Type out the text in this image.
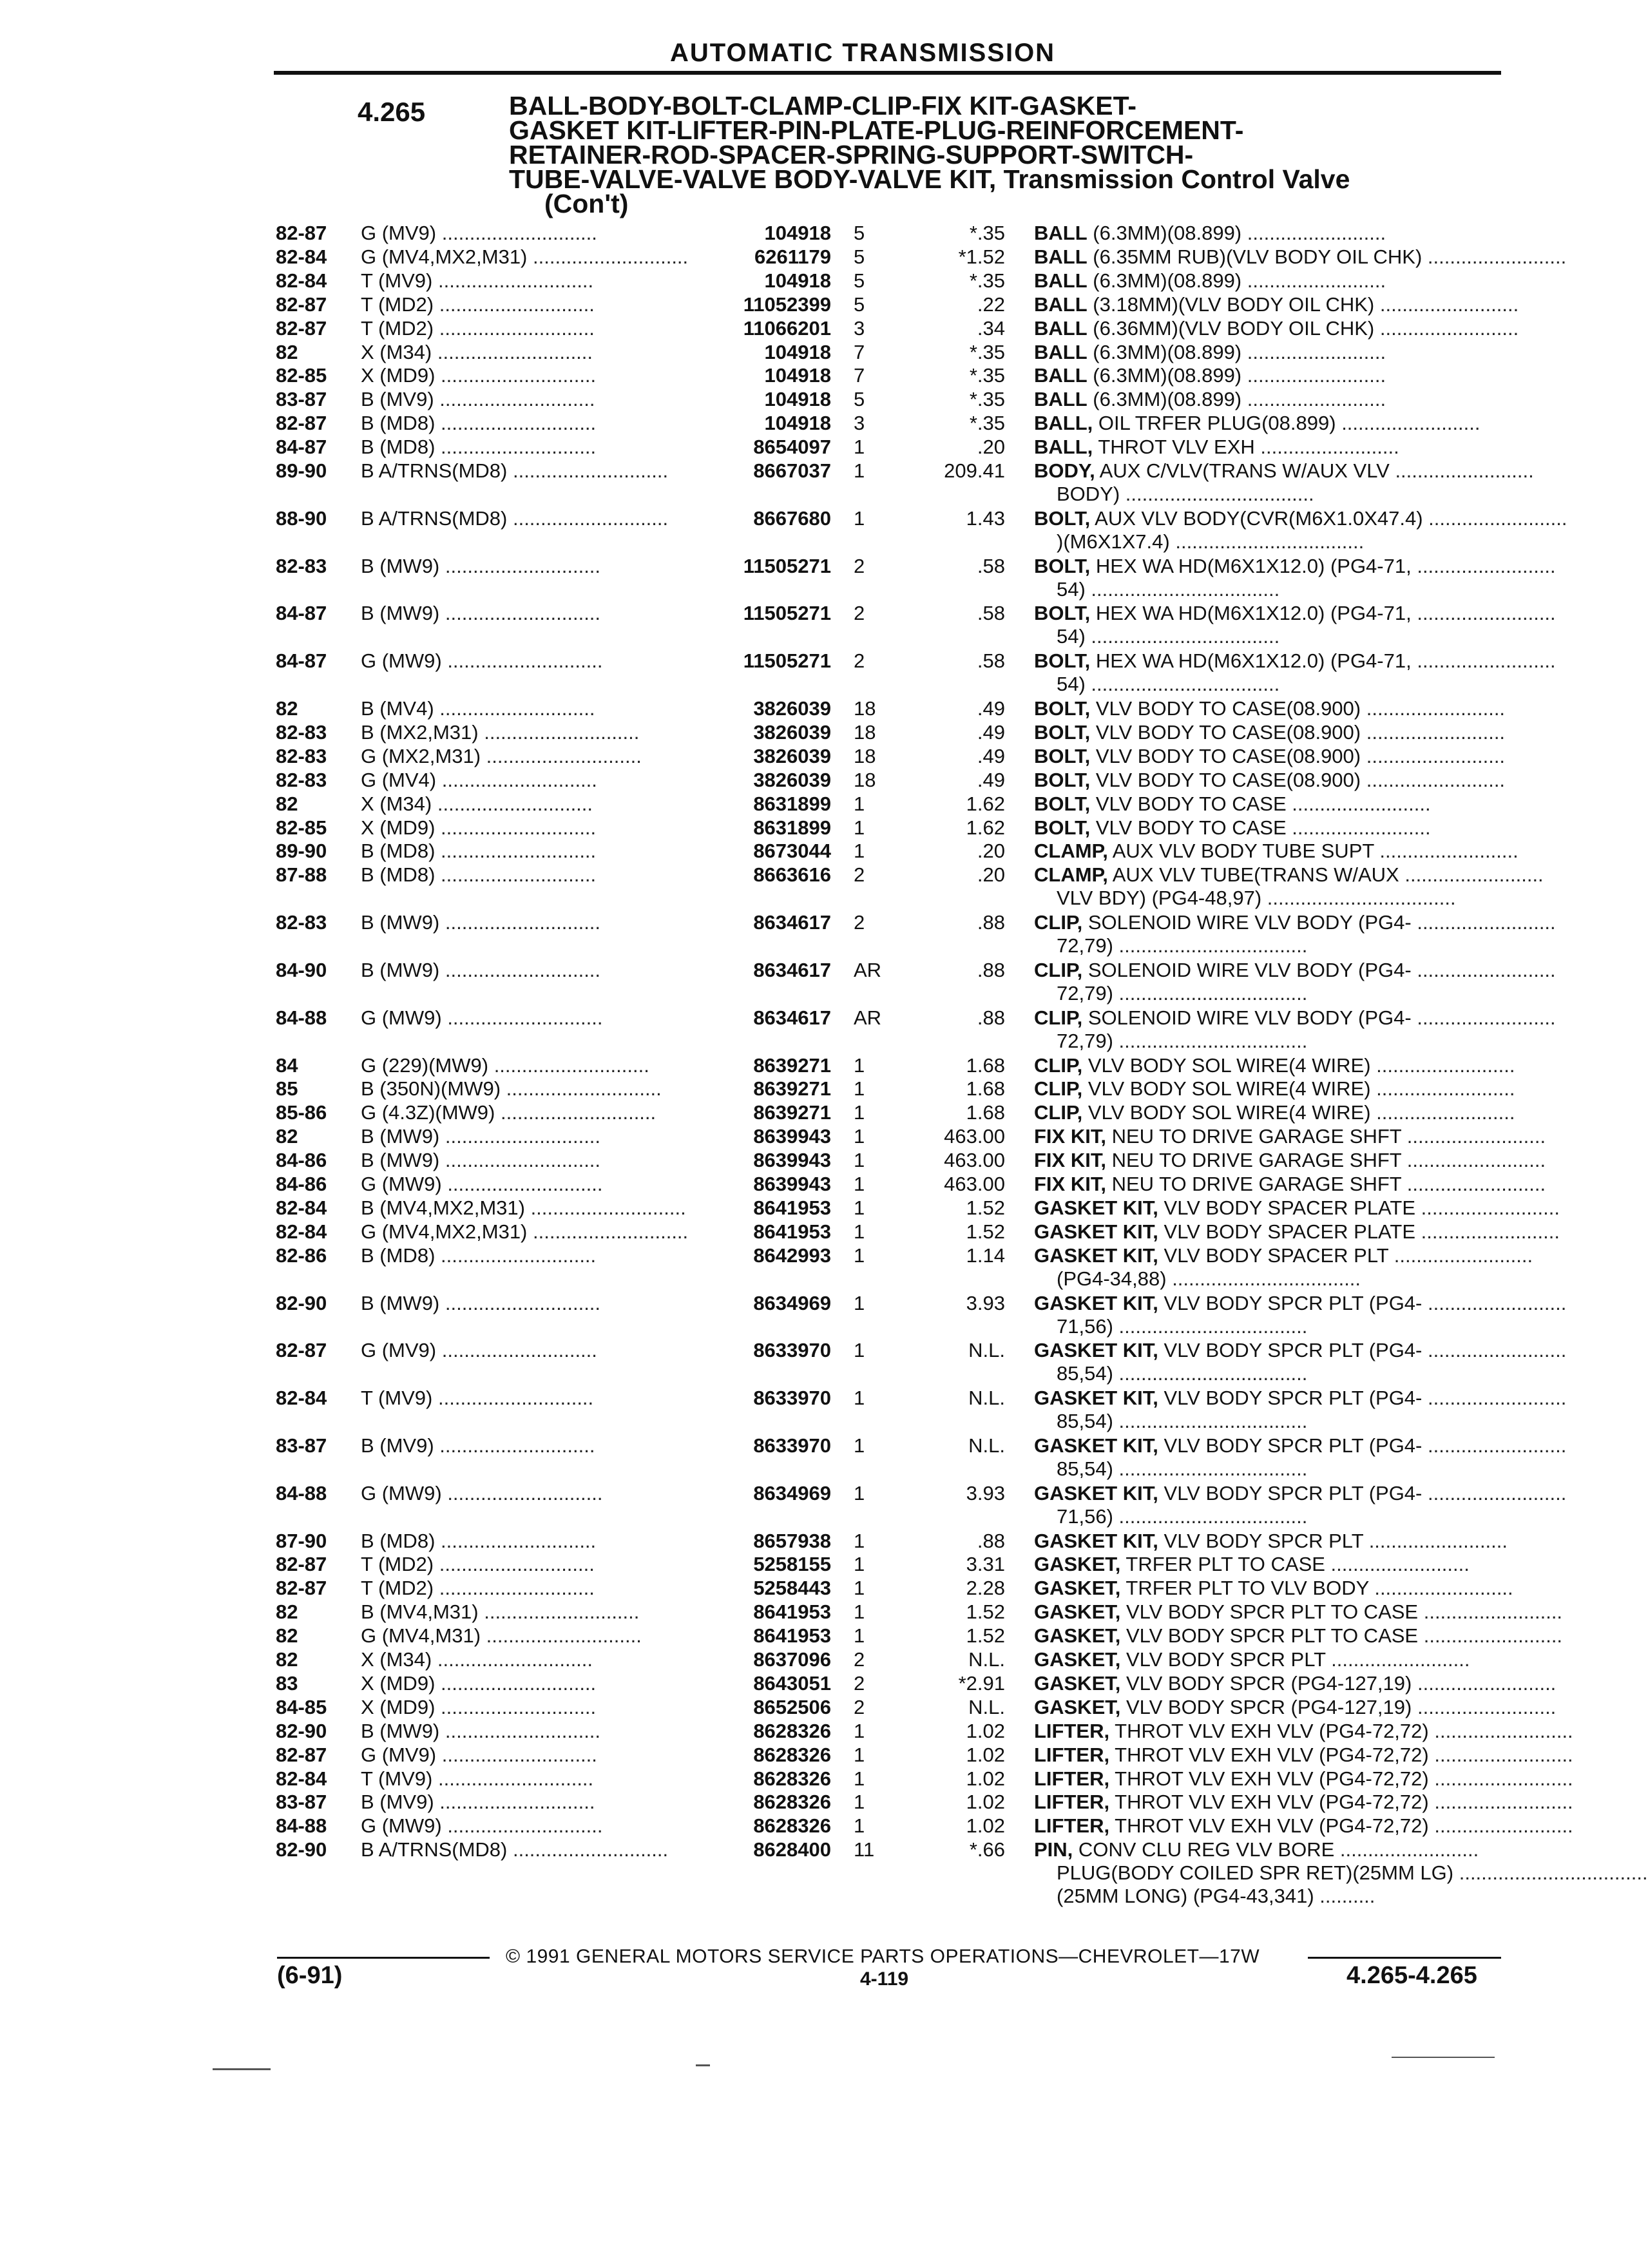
AUTOMATIC TRANSMISSION
4.265	BALL-BODY-BOLT-CLAMP-CLIP-FIX KIT-GASKET-
GASKET KIT-LIFTER-PIN-PLATE-PLUG-REINFORCEMENT-
RETAINER-ROD-SPACER-SPRING-SUPPORT-SWITCH-
TUBE-VALVE-VALVE BODY-VALVE KIT, Transmission Control Valve
(Con't)
82-87 G (MV9) ............................	104918 5	*.35 BALL (6.3MM)(08.899) .........................
82-84 G (MV4,MX2,M31) ............................	6261179 5	*1.52 BALL (6.35MM RUB)(VLV BODY OIL CHK) .........................
82-84 T (MV9) ............................	104918 5	*.35 BALL (6.3MM)(08.899) .........................
82-87 T (MD2) ............................	11052399 5	.22 BALL (3.18MM)(VLV BODY OIL CHK) .........................
82-87 T (MD2) ............................	11066201 3	.34 BALL (6.36MM)(VLV BODY OIL CHK) .........................
82	X (M34) ............................	104918 7	*.35 BALL (6.3MM)(08.899) .........................
82-85 X (MD9) ............................	104918 7	*.35 BALL (6.3MM)(08.899) .........................
83-87 B (MV9) ............................	104918 5	*.35 BALL (6.3MM)(08.899) .........................
82-87 B (MD8) ............................	104918 3	*.35 BALL, OIL TRFER PLUG(08.899) .........................
84-87 B (MD8) ............................	8654097 1	.20 BALL, THROT VLV EXH .........................
89-90 B A/TRNS(MD8) ............................	8667037 1	209.41 BODY, AUX C/VLV(TRANS W/AUX VLV .........................
BODY) ..................................
88-90 B A/TRNS(MD8) ............................	8667680 1	1.43 BOLT, AUX VLV BODY(CVR(M6X1.0X47.4) .........................
)(M6X1X7.4) ..................................
82-83 B (MW9) ............................	11505271 2	.58 BOLT, HEX WA HD(M6X1X12.0) (PG4-71, .........................
54) ..................................
84-87 B (MW9) ............................	11505271 2	.58 BOLT, HEX WA HD(M6X1X12.0) (PG4-71, .........................
54) ..................................
84-87 G (MW9) ............................	11505271 2	.58 BOLT, HEX WA HD(M6X1X12.0) (PG4-71, .........................
54) ..................................
82	B (MV4) ............................	3826039 18	.49 BOLT, VLV BODY TO CASE(08.900) .........................
82-83 B (MX2,M31) ............................	3826039 18	.49 BOLT, VLV BODY TO CASE(08.900) .........................
82-83 G (MX2,M31) ............................	3826039 18	.49 BOLT, VLV BODY TO CASE(08.900) .........................
82-83 G (MV4) ............................	3826039 18	.49 BOLT, VLV BODY TO CASE(08.900) .........................
82	X (M34) ............................	8631899 1	1.62 BOLT, VLV BODY TO CASE .........................
82-85 X (MD9) ............................	8631899 1	1.62 BOLT, VLV BODY TO CASE .........................
89-90 B (MD8) ............................	8673044 1	.20 CLAMP, AUX VLV BODY TUBE SUPT .........................
87-88 B (MD8) ............................	8663616 2	.20 CLAMP, AUX VLV TUBE(TRANS W/AUX .........................
VLV BDY) (PG4-48,97) ..................................
82-83 B (MW9) ............................	8634617 2	.88 CLIP, SOLENOID WIRE VLV BODY (PG4- .........................
72,79) ..................................
84-90 B (MW9) ............................	8634617 AR	.88 CLIP, SOLENOID WIRE VLV BODY (PG4- .........................
72,79) ..................................
84-88 G (MW9) ............................	8634617 AR	.88 CLIP, SOLENOID WIRE VLV BODY (PG4- .........................
72,79) ..................................
84	G (229)(MW9) ............................	8639271 1	1.68 CLIP, VLV BODY SOL WIRE(4 WIRE) .........................
85	B (350N)(MW9) ............................	8639271 1	1.68 CLIP, VLV BODY SOL WIRE(4 WIRE) .........................
85-86 G (4.3Z)(MW9) ............................	8639271 1	1.68 CLIP, VLV BODY SOL WIRE(4 WIRE) .........................
82	B (MW9) ............................	8639943 1	463.00 FIX KIT, NEU TO DRIVE GARAGE SHFT .........................
84-86 B (MW9) ............................	8639943 1	463.00 FIX KIT, NEU TO DRIVE GARAGE SHFT .........................
84-86 G (MW9) ............................	8639943 1	463.00 FIX KIT, NEU TO DRIVE GARAGE SHFT .........................
82-84 B (MV4,MX2,M31) ............................	8641953 1	1.52 GASKET KIT, VLV BODY SPACER PLATE .........................
82-84 G (MV4,MX2,M31) ............................	8641953 1	1.52 GASKET KIT, VLV BODY SPACER PLATE .........................
82-86 B (MD8) ............................	8642993 1	1.14 GASKET KIT, VLV BODY SPACER PLT .........................
(PG4-34,88) ..................................
82-90 B (MW9) ............................	8634969 1	3.93 GASKET KIT, VLV BODY SPCR PLT (PG4- .........................
71,56) ..................................
82-87 G (MV9) ............................	8633970 1	N.L. GASKET KIT, VLV BODY SPCR PLT (PG4- .........................
85,54) ..................................
82-84 T (MV9) ............................	8633970 1	N.L. GASKET KIT, VLV BODY SPCR PLT (PG4- .........................
85,54) ..................................
83-87 B (MV9) ............................	8633970 1	N.L. GASKET KIT, VLV BODY SPCR PLT (PG4- .........................
85,54) ..................................
84-88 G (MW9) ............................	8634969 1	3.93 GASKET KIT, VLV BODY SPCR PLT (PG4- .........................
71,56) ..................................
87-90 B (MD8) ............................	8657938 1	.88 GASKET KIT, VLV BODY SPCR PLT .........................
82-87 T (MD2) ............................	5258155 1	3.31 GASKET, TRFER PLT TO CASE .........................
82-87 T (MD2) ............................	5258443 1	2.28 GASKET, TRFER PLT TO VLV BODY .........................
82	B (MV4,M31) ............................	8641953 1	1.52 GASKET, VLV BODY SPCR PLT TO CASE .........................
82	G (MV4,M31) ............................	8641953 1	1.52 GASKET, VLV BODY SPCR PLT TO CASE .........................
82	X (M34) ............................	8637096 2	N.L. GASKET, VLV BODY SPCR PLT .........................
83	X (MD9) ............................	8643051 2	*2.91 GASKET, VLV BODY SPCR (PG4-127,19) .........................
84-85 X (MD9) ............................	8652506 2	N.L. GASKET, VLV BODY SPCR (PG4-127,19) .........................
82-90 B (MW9) ............................	8628326 1	1.02 LIFTER, THROT VLV EXH VLV (PG4-72,72) .........................
82-87 G (MV9) ............................	8628326 1	1.02 LIFTER, THROT VLV EXH VLV (PG4-72,72) .........................
82-84 T (MV9) ............................	8628326 1	1.02 LIFTER, THROT VLV EXH VLV (PG4-72,72) .........................
83-87 B (MV9) ............................	8628326 1	1.02 LIFTER, THROT VLV EXH VLV (PG4-72,72) .........................
84-88 G (MW9) ............................	8628326 1	1.02 LIFTER, THROT VLV EXH VLV (PG4-72,72) .........................
82-90 B A/TRNS(MD8) ............................	8628400 11	*.66 PIN, CONV CLU REG VLV BORE .........................
PLUG(BODY COILED SPR RET)(25MM LG) ..................................
(25MM LONG) (PG4-43,341) ..........
© 1991 GENERAL MOTORS SERVICE PARTS OPERATIONS—CHEVROLET—17W
(6-91)	4-119	4.265-4.265
